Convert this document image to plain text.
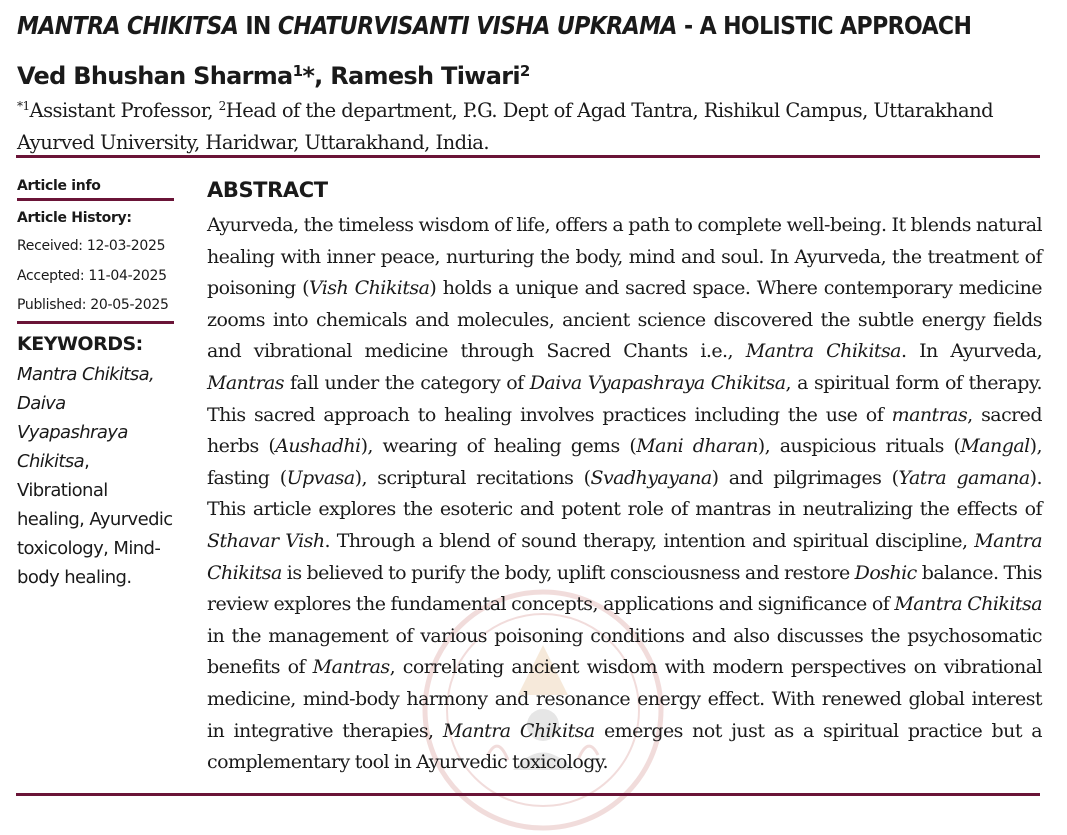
MANTRA CHIKITSA IN CHATURVISANTI VISHA UPKRAMA - A HOLISTIC APPROACH

Ved Bhushan Sharma$^1$*, Ramesh Tiwari$^2$

$^{*1}$Assistant Professor, $^2$Head of the department, P.G. Dept of Agad Tantra, Rishikul Campus, Uttarakhand Ayurved University, Haridwar, Uttarakhand, India.

Article info

Article History:

Received: 12-03-2025

Accepted: 11-04-2025

Published: 20-05-2025

KEYWORDS:

Mantra Chikitsa, Daiva Vyapashraya Chikitsa, Vibrational healing, Ayurvedic toxicology, Mind-body healing.

ABSTRACT

Ayurveda, the timeless wisdom of life, offers a path to complete well-being. It blends natural healing with inner peace, nurturing the body, mind and soul. In Ayurveda, the treatment of poisoning (Vish Chikitsa) holds a unique and sacred space. Where contemporary medicine zooms into chemicals and molecules, ancient science discovered the subtle energy fields and vibrational medicine through Sacred Chants i.e., Mantra Chikitsa. In Ayurveda, Mantras fall under the category of Daiva Vyapashraya Chikitsa, a spiritual form of therapy. This sacred approach to healing involves practices including the use of mantras, sacred herbs (Aushadhi), wearing of healing gems (Mani dharan), auspicious rituals (Mangal), fasting (Upvasa), scriptural recitations (Svadhyayana) and pilgrimages (Yatra gamana). This article explores the esoteric and potent role of mantras in neutralizing the effects of Sthavar Vish. Through a blend of sound therapy, intention and spiritual discipline, Mantra Chikitsa is believed to purify the body, uplift consciousness and restore Doshic balance. This review explores the fundamental concepts, applications and significance of Mantra Chikitsa in the management of various poisoning conditions and also discusses the psychosomatic benefits of Mantras, correlating ancient wisdom with modern perspectives on vibrational medicine, mind-body harmony and resonance energy effect. With renewed global interest in integrative therapies, Mantra Chikitsa emerges not just as a spiritual practice but a complementary tool in Ayurvedic toxicology.
